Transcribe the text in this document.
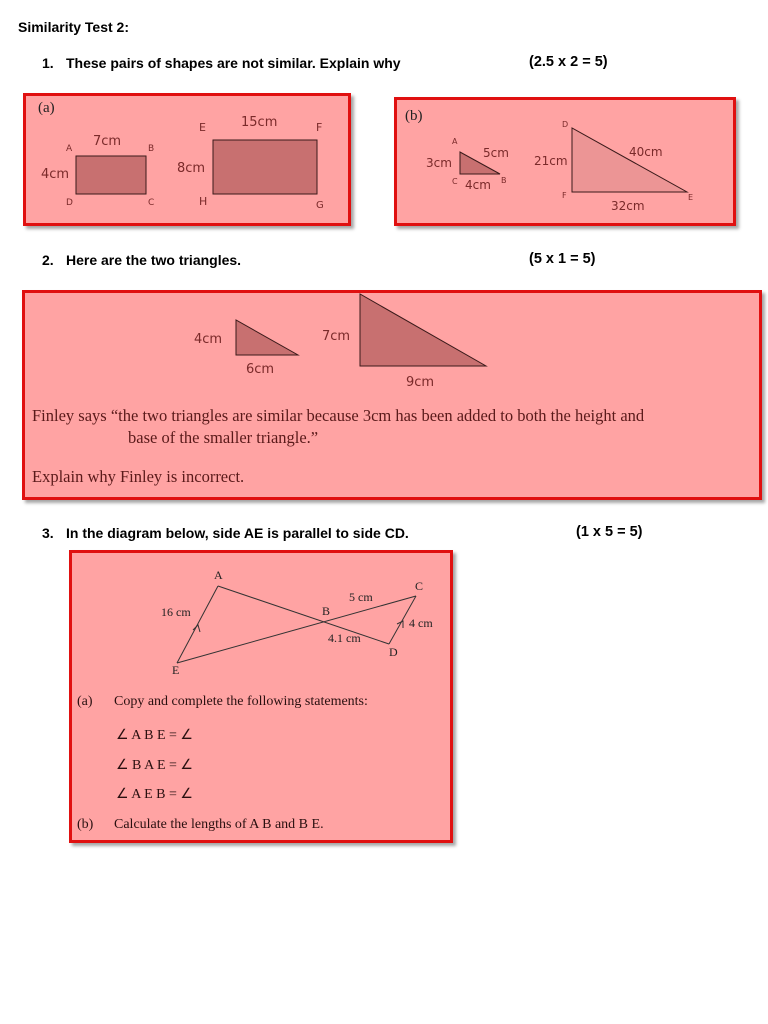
Similarity Test 2:
1. These pairs of shapes are not similar. Explain why	(2.5 x 2 = 5)
(a)
A	B
C
D
7cm
4cm
E	F
G
H
15cm
8cm
(b)
A
B
C
3cm
5cm
4cm
D
E
F
21cm
40cm
32cm
2. Here are the two triangles.	(5 x 1 = 5)
4cm
6cm
7cm
9cm
Finley says “the two triangles are similar because 3cm has been added to both the height and
base of the smaller triangle.”
Explain why Finley is incorrect.
3. In the diagram below, side AE is parallel to side CD.	(1 x 5 = 5)
A
B
C
D
E
16 cm
5 cm
4.1 cm
4 cm
(a) Copy and complete the following statements:
∠ A B E = ∠
∠ B A E = ∠
∠ A E B = ∠
(b) Calculate the lengths of A B and B E.
